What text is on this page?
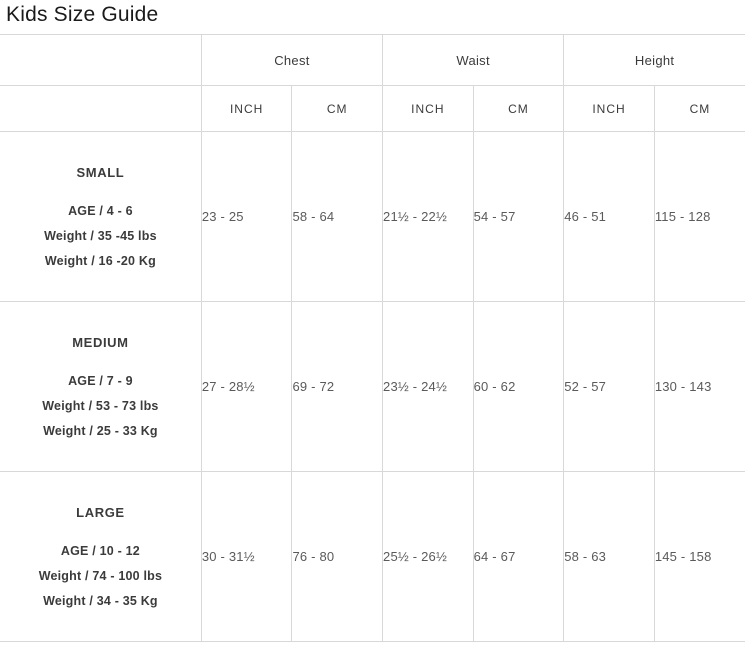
Kids Size Guide
	Chest		Waist		Height	
	INCH	CM	INCH	CM	INCH	CM

SMALL
AGE / 4 - 6
Weight / 35 -45 lbs
Weight / 16 -20 Kg	23 - 25	58 - 64	21½ - 22½	54 - 57	46 - 51	115 - 128

MEDIUM
AGE / 7 - 9
Weight / 53 - 73 lbs
Weight / 25 - 33 Kg	27 - 28½	69 - 72	23½ - 24½	60 - 62	52 - 57	130 - 143

LARGE
AGE / 10 - 12
Weight / 74 - 100 lbs
Weight / 34 - 35 Kg	30 - 31½	76 - 80	25½ - 26½	64 - 67	58 - 63	145 - 158
